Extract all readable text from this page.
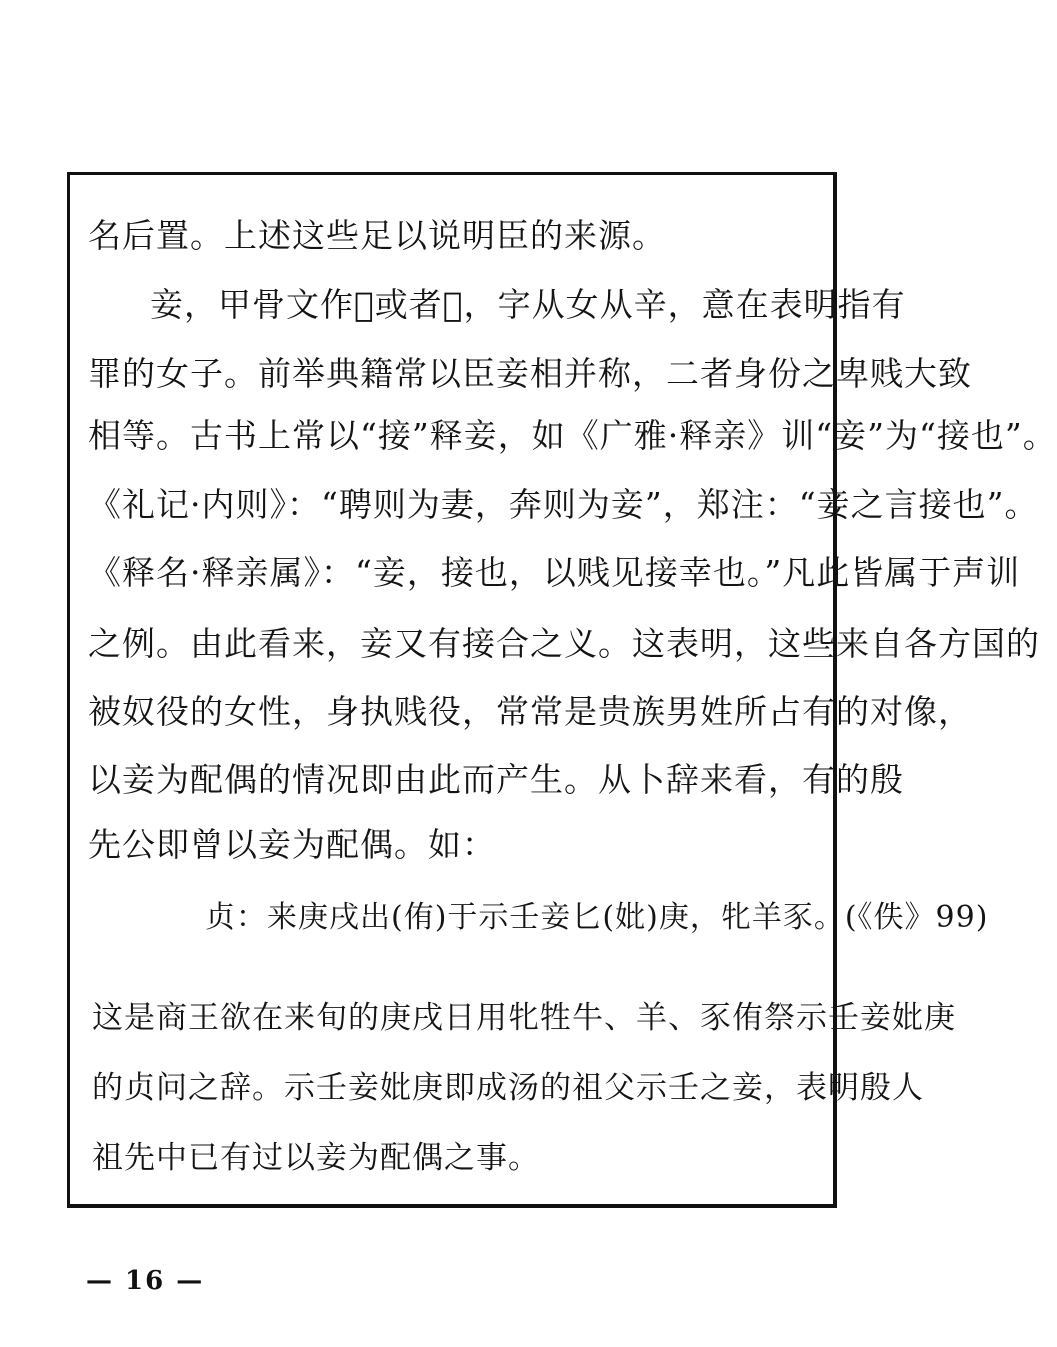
名后置。上述这些足以说明臣的来源。
妾，甲骨文作𡚬或者𡛉，字从女从辛，意在表明指有
罪的女子。前举典籍常以臣妾相并称，二者身份之卑贱大致
相等。古书上常以“接”释妾，如《广雅·释亲》训“妾”为“接也”。
《礼记·内则》：“聘则为妻，奔则为妾”，郑注：“妾之言接也”。
《释名·释亲属》：“妾，接也，以贱见接幸也。”凡此皆属于声训
之例。由此看来，妾又有接合之义。这表明，这些来自各方国的
被奴役的女性，身执贱役，常常是贵族男姓所占有的对像，
以妾为配偶的情况即由此而产生。从卜辞来看，有的殷
先公即曾以妾为配偶。如：
贞：来庚戌出(侑)于示壬妾匕(妣)庚，牝羊豕。(《佚》99)
这是商王欲在来旬的庚戌日用牝牲牛、羊、豕侑祭示壬妾妣庚
的贞问之辞。示壬妾妣庚即成汤的祖父示壬之妾，表明殷人
祖先中已有过以妾为配偶之事。
— 16 —
